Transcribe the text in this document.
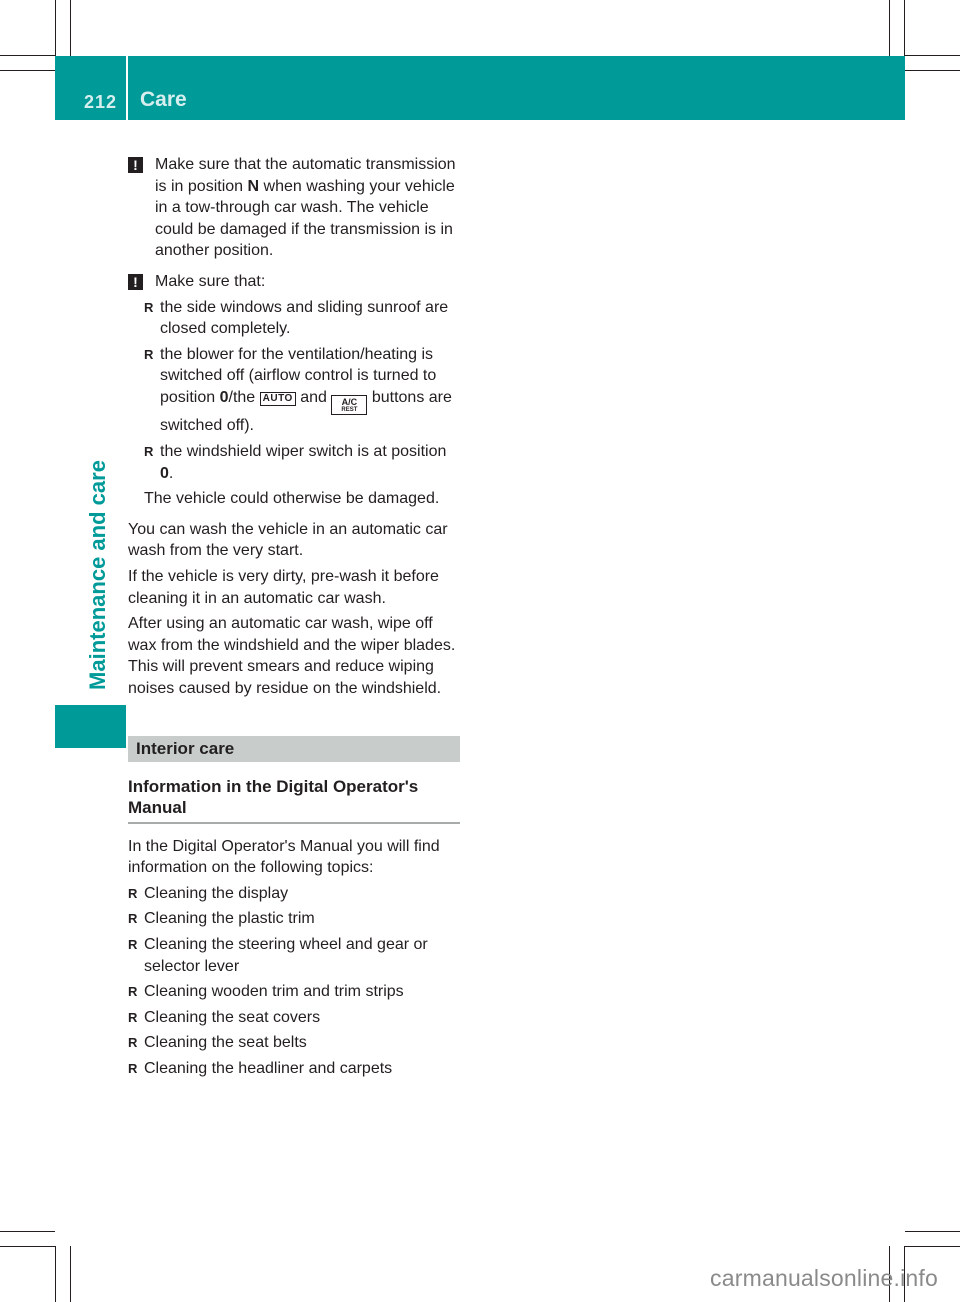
212 Care
Maintenance and care
!	Make sure that the automatic transmission is in position N when washing your vehicle in a tow-through car wash. The vehicle could be damaged if the transmission is in another position.

!	Make sure that:

R the side windows and sliding sunroof are closed completely.
R the blower for the ventilation/heating is switched off (airflow control is turned to position 0/the AUTO and A/C
REST
buttons are switched off).
R the windshield wiper switch is at position 0.

The vehicle could otherwise be damaged.

You can wash the vehicle in an automatic car wash from the very start.

If the vehicle is very dirty, pre-wash it before cleaning it in an automatic car wash.

After using an automatic car wash, wipe off wax from the windshield and the wiper blades. This will prevent smears and reduce wiping noises caused by residue on the windshield.

Interior care
Information in the Digital Operator's Manual

In the Digital Operator's Manual you will find information on the following topics:

R Cleaning the display
R Cleaning the plastic trim
R Cleaning the steering wheel and gear or selector lever
R Cleaning wooden trim and trim strips
R Cleaning the seat covers
R Cleaning the seat belts
R Cleaning the headliner and carpets
carmanualsonline.info
